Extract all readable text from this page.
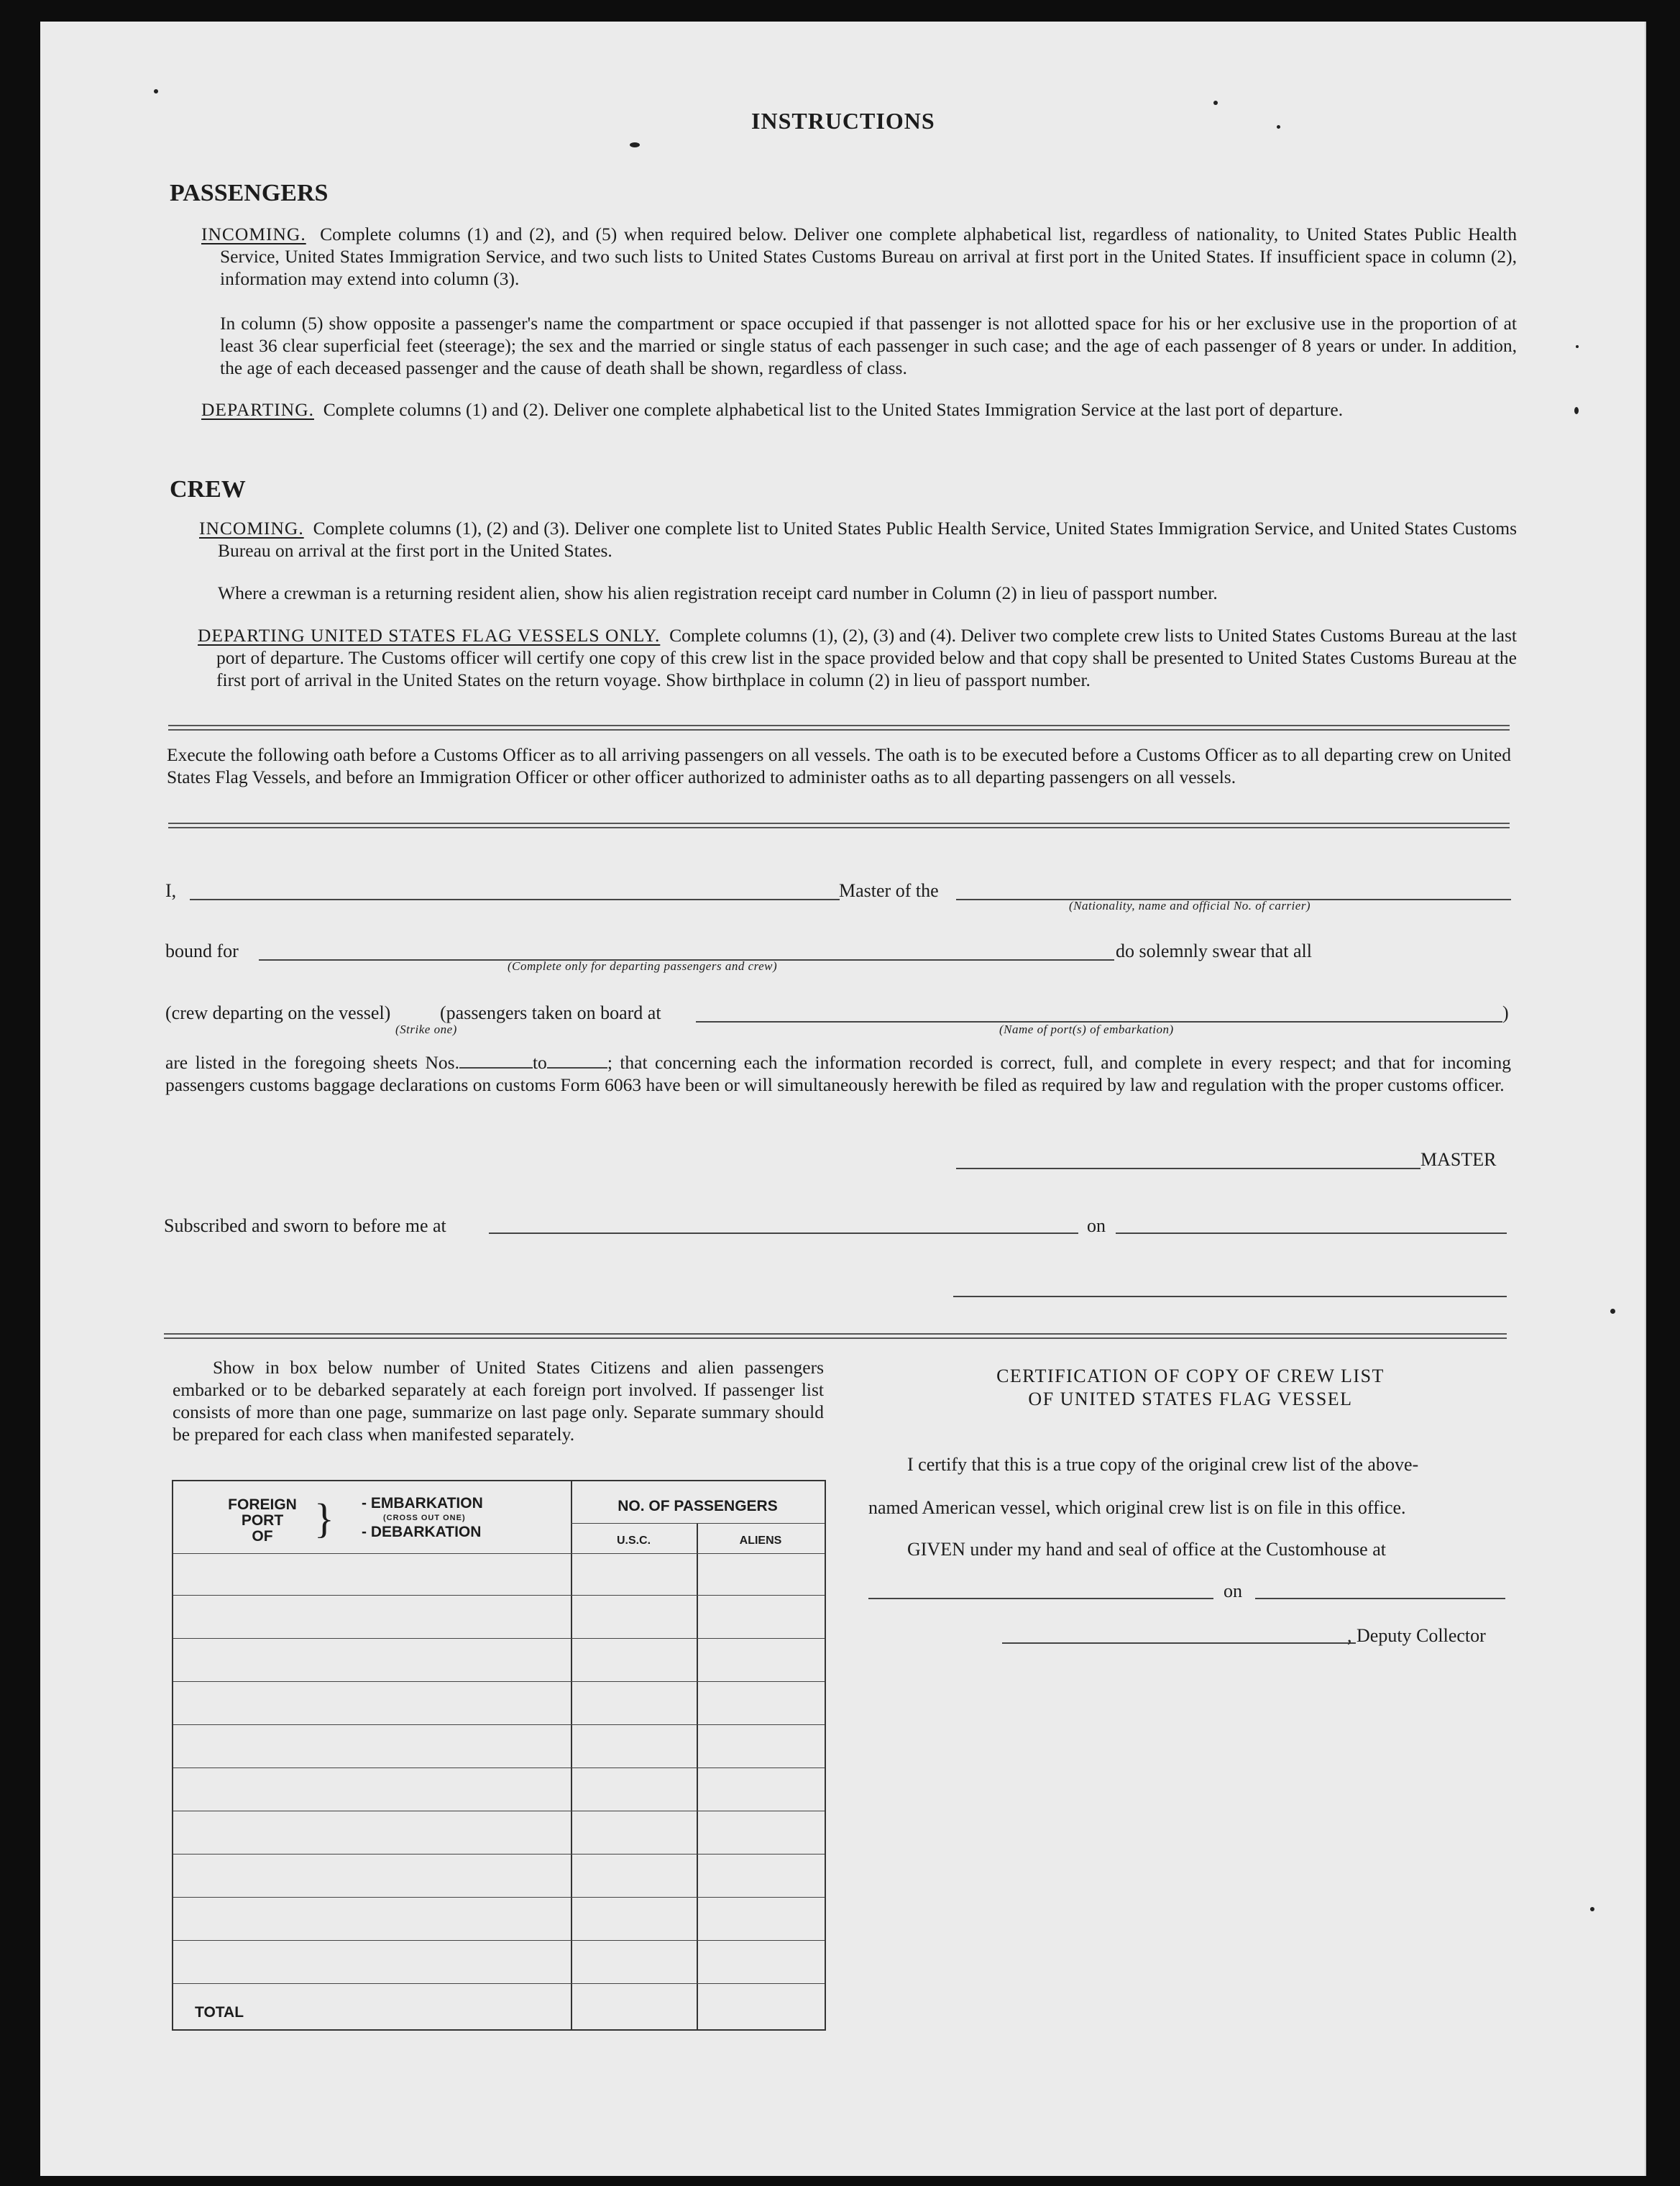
INSTRUCTIONS
PASSENGERS
INCOMING. Complete columns (1) and (2), and (5) when required below. Deliver one complete alphabetical list, regardless of nationality, to United States Public Health Service, United States Immigration Service, and two such lists to United States Customs Bureau on arrival at first port in the United States. If insufficient space in column (2), information may extend into column (3).
In column (5) show opposite a passenger's name the compartment or space occupied if that passenger is not allotted space for his or her exclusive use in the proportion of at least 36 clear superficial feet (steerage); the sex and the married or single status of each passenger in such case; and the age of each passenger of 8 years or under. In addition, the age of each deceased passenger and the cause of death shall be shown, regardless of class.
DEPARTING. Complete columns (1) and (2). Deliver one complete alphabetical list to the United States Immigration Service at the last port of departure.
CREW
INCOMING. Complete columns (1), (2) and (3). Deliver one complete list to United States Public Health Service, United States Immigration Service, and United States Customs Bureau on arrival at the first port in the United States.
Where a crewman is a returning resident alien, show his alien registration receipt card number in Column (2) in lieu of passport number.
DEPARTING UNITED STATES FLAG VESSELS ONLY. Complete columns (1), (2), (3) and (4). Deliver two complete crew lists to United States Customs Bureau at the last port of departure. The Customs officer will certify one copy of this crew list in the space provided below and that copy shall be presented to United States Customs Bureau at the first port of arrival in the United States on the return voyage. Show birthplace in column (2) in lieu of passport number.
Execute the following oath before a Customs Officer as to all arriving passengers on all vessels. The oath is to be executed before a Customs Officer as to all departing crew on United States Flag Vessels, and before an Immigration Officer or other officer authorized to administer oaths as to all departing passengers on all vessels.
I,	Master of the
(Nationality, name and official No. of carrier)
bound for	do solemnly swear that all
(Complete only for departing passengers and crew)
(crew departing on the vessel)	(passengers taken on board at	)
(Strike one)	(Name of port(s) of embarkation)
are listed in the foregoing sheets Nos.	to	; that concerning each the information recorded is correct, full, and complete in every respect; and that for incoming passengers customs baggage declarations on customs Form 6063 have been or will simultaneously herewith be filed as required by law and regulation with the proper customs officer.
MASTER
Subscribed and sworn to before me at	on
Show in box below number of United States Citizens and alien passengers embarked or to be debarked separately at each foreign port involved. If passenger list consists of more than one page, summarize on last page only. Separate summary should be prepared for each class when manifested separately.
FOREIGN
PORT
OF } - EMBARKATION
(CROSS OUT ONE)
- DEBARKATION
NO. OF PASSENGERS
U.S.C.	ALIENS
TOTAL
CERTIFICATION OF COPY OF CREW LIST
OF UNITED STATES FLAG VESSEL
I certify that this is a true copy of the original crew list of the above-
named American vessel, which original crew list is on file in this office.
GIVEN under my hand and seal of office at the Customhouse at
on
, Deputy Collector
